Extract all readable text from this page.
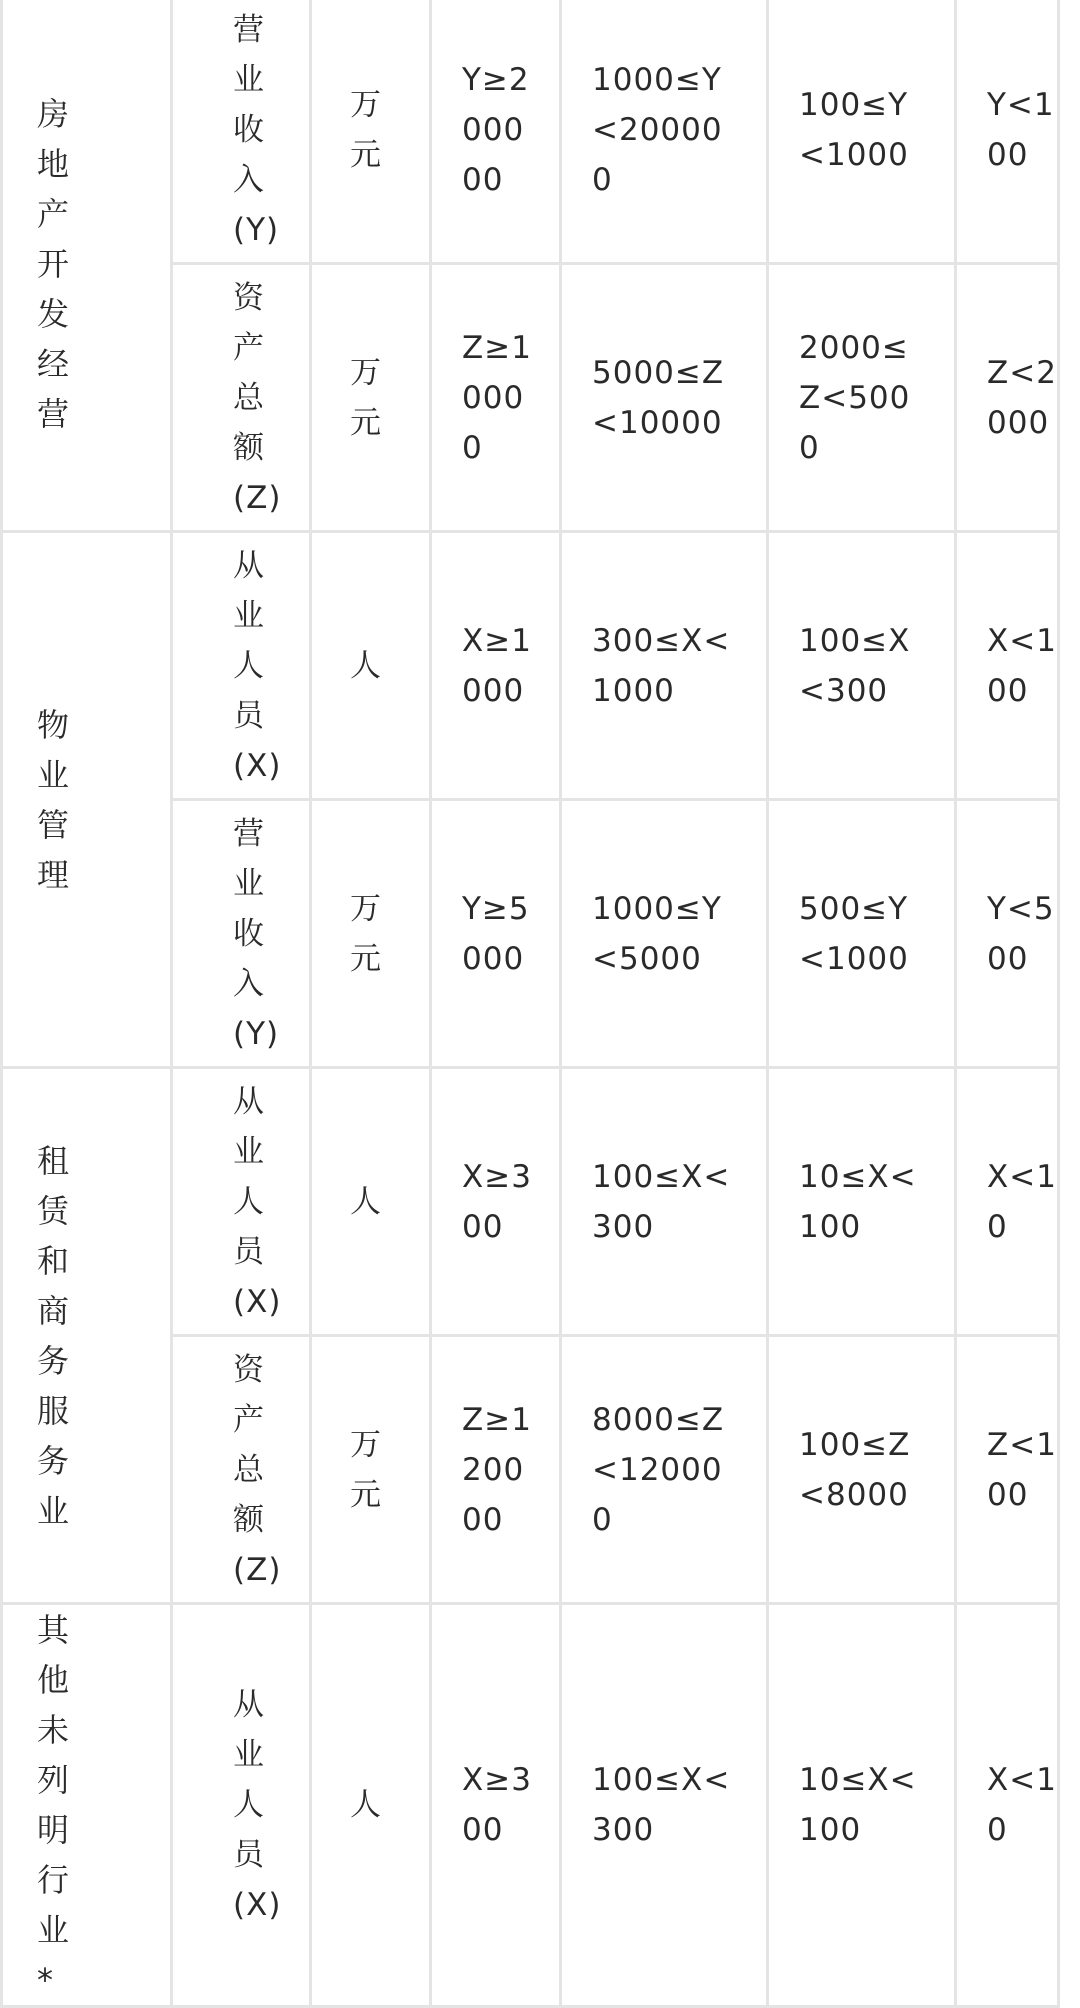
房地产开发经营	营业收入(Y)	万元	Y≥200000	1000≤Y<200000	100≤Y<1000	Y<100

	资产总额(Z)	万元	Z≥10000	5000≤Z<10000	2000≤Z<5000	Z<2000

物业管理	从业人员(X)	人	X≥1000	300≤X<1000	100≤X<300	X<100

	营业收入(Y)	万元	Y≥5000	1000≤Y<5000	500≤Y<1000	Y<500

租赁和商务服务业	从业人员(X)	人	X≥300	100≤X<300	10≤X<100	X<10

	资产总额(Z)	万元	Z≥120000	8000≤Z<120000	100≤Z<8000	Z<100

其他未列明行业*	从业人员(X)	人	X≥300	100≤X<300	10≤X<100	X<10
